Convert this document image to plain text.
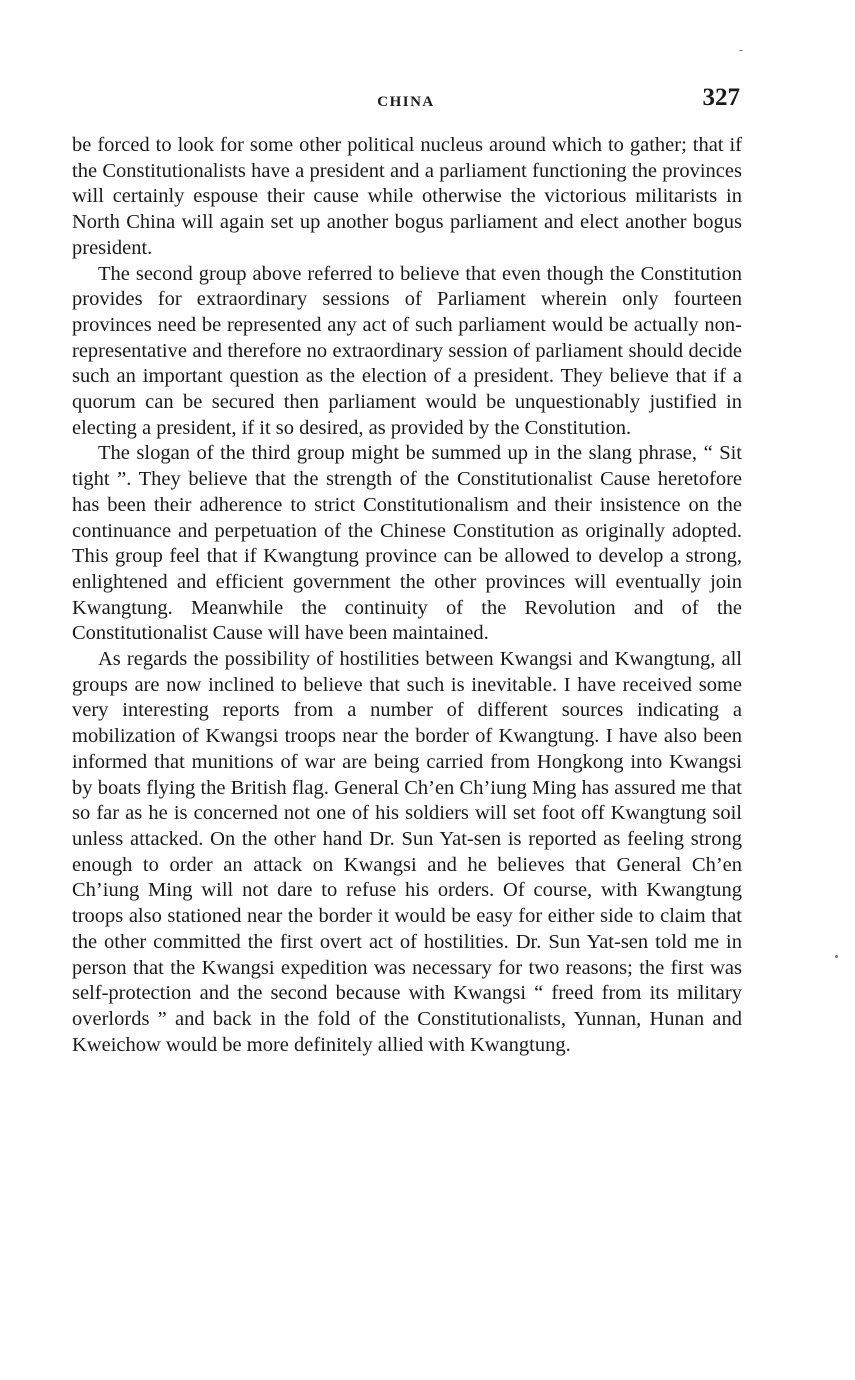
CHINA	327

be forced to look for some other political nucleus around which to gather; that if the Constitutionalists have a president and a parliament functioning the provinces will certainly espouse their cause while otherwise the victorious militarists in North China will again set up another bogus parliament and elect another bogus president.

The second group above referred to believe that even though the Constitution provides for extraordinary sessions of Parliament wherein only fourteen provinces need be represented any act of such parliament would be actually non-representative and therefore no extraordinary session of parliament should decide such an important question as the election of a president. They believe that if a quorum can be secured then parliament would be unquestionably justified in electing a president, if it so desired, as provided by the Constitution.

The slogan of the third group might be summed up in the slang phrase, “ Sit tight ”. They believe that the strength of the Constitutionalist Cause heretofore has been their adherence to strict Constitutionalism and their insistence on the continuance and perpetuation of the Chinese Constitution as originally adopted. This group feel that if Kwangtung province can be allowed to develop a strong, enlightened and efficient government the other provinces will eventually join Kwangtung. Meanwhile the continuity of the Revolution and of the Constitutionalist Cause will have been maintained.

As regards the possibility of hostilities between Kwangsi and Kwangtung, all groups are now inclined to believe that such is inevitable. I have received some very interesting reports from a number of different sources indicating a mobilization of Kwangsi troops near the border of Kwangtung. I have also been informed that munitions of war are being carried from Hongkong into Kwangsi by boats flying the British flag. General Ch’en Ch’iung Ming has assured me that so far as he is concerned not one of his soldiers will set foot off Kwangtung soil unless attacked. On the other hand Dr. Sun Yat-sen is reported as feeling strong enough to order an attack on Kwangsi and he believes that General Ch’en Ch’iung Ming will not dare to refuse his orders. Of course, with Kwangtung troops also stationed near the border it would be easy for either side to claim that the other committed the first overt act of hostilities. Dr. Sun Yat-sen told me in person that the Kwangsi expedition was necessary for two reasons; the first was self-protection and the second because with Kwangsi “ freed from its military overlords ” and back in the fold of the Constitutionalists, Yunnan, Hunan and Kweichow would be more definitely allied with Kwangtung.
